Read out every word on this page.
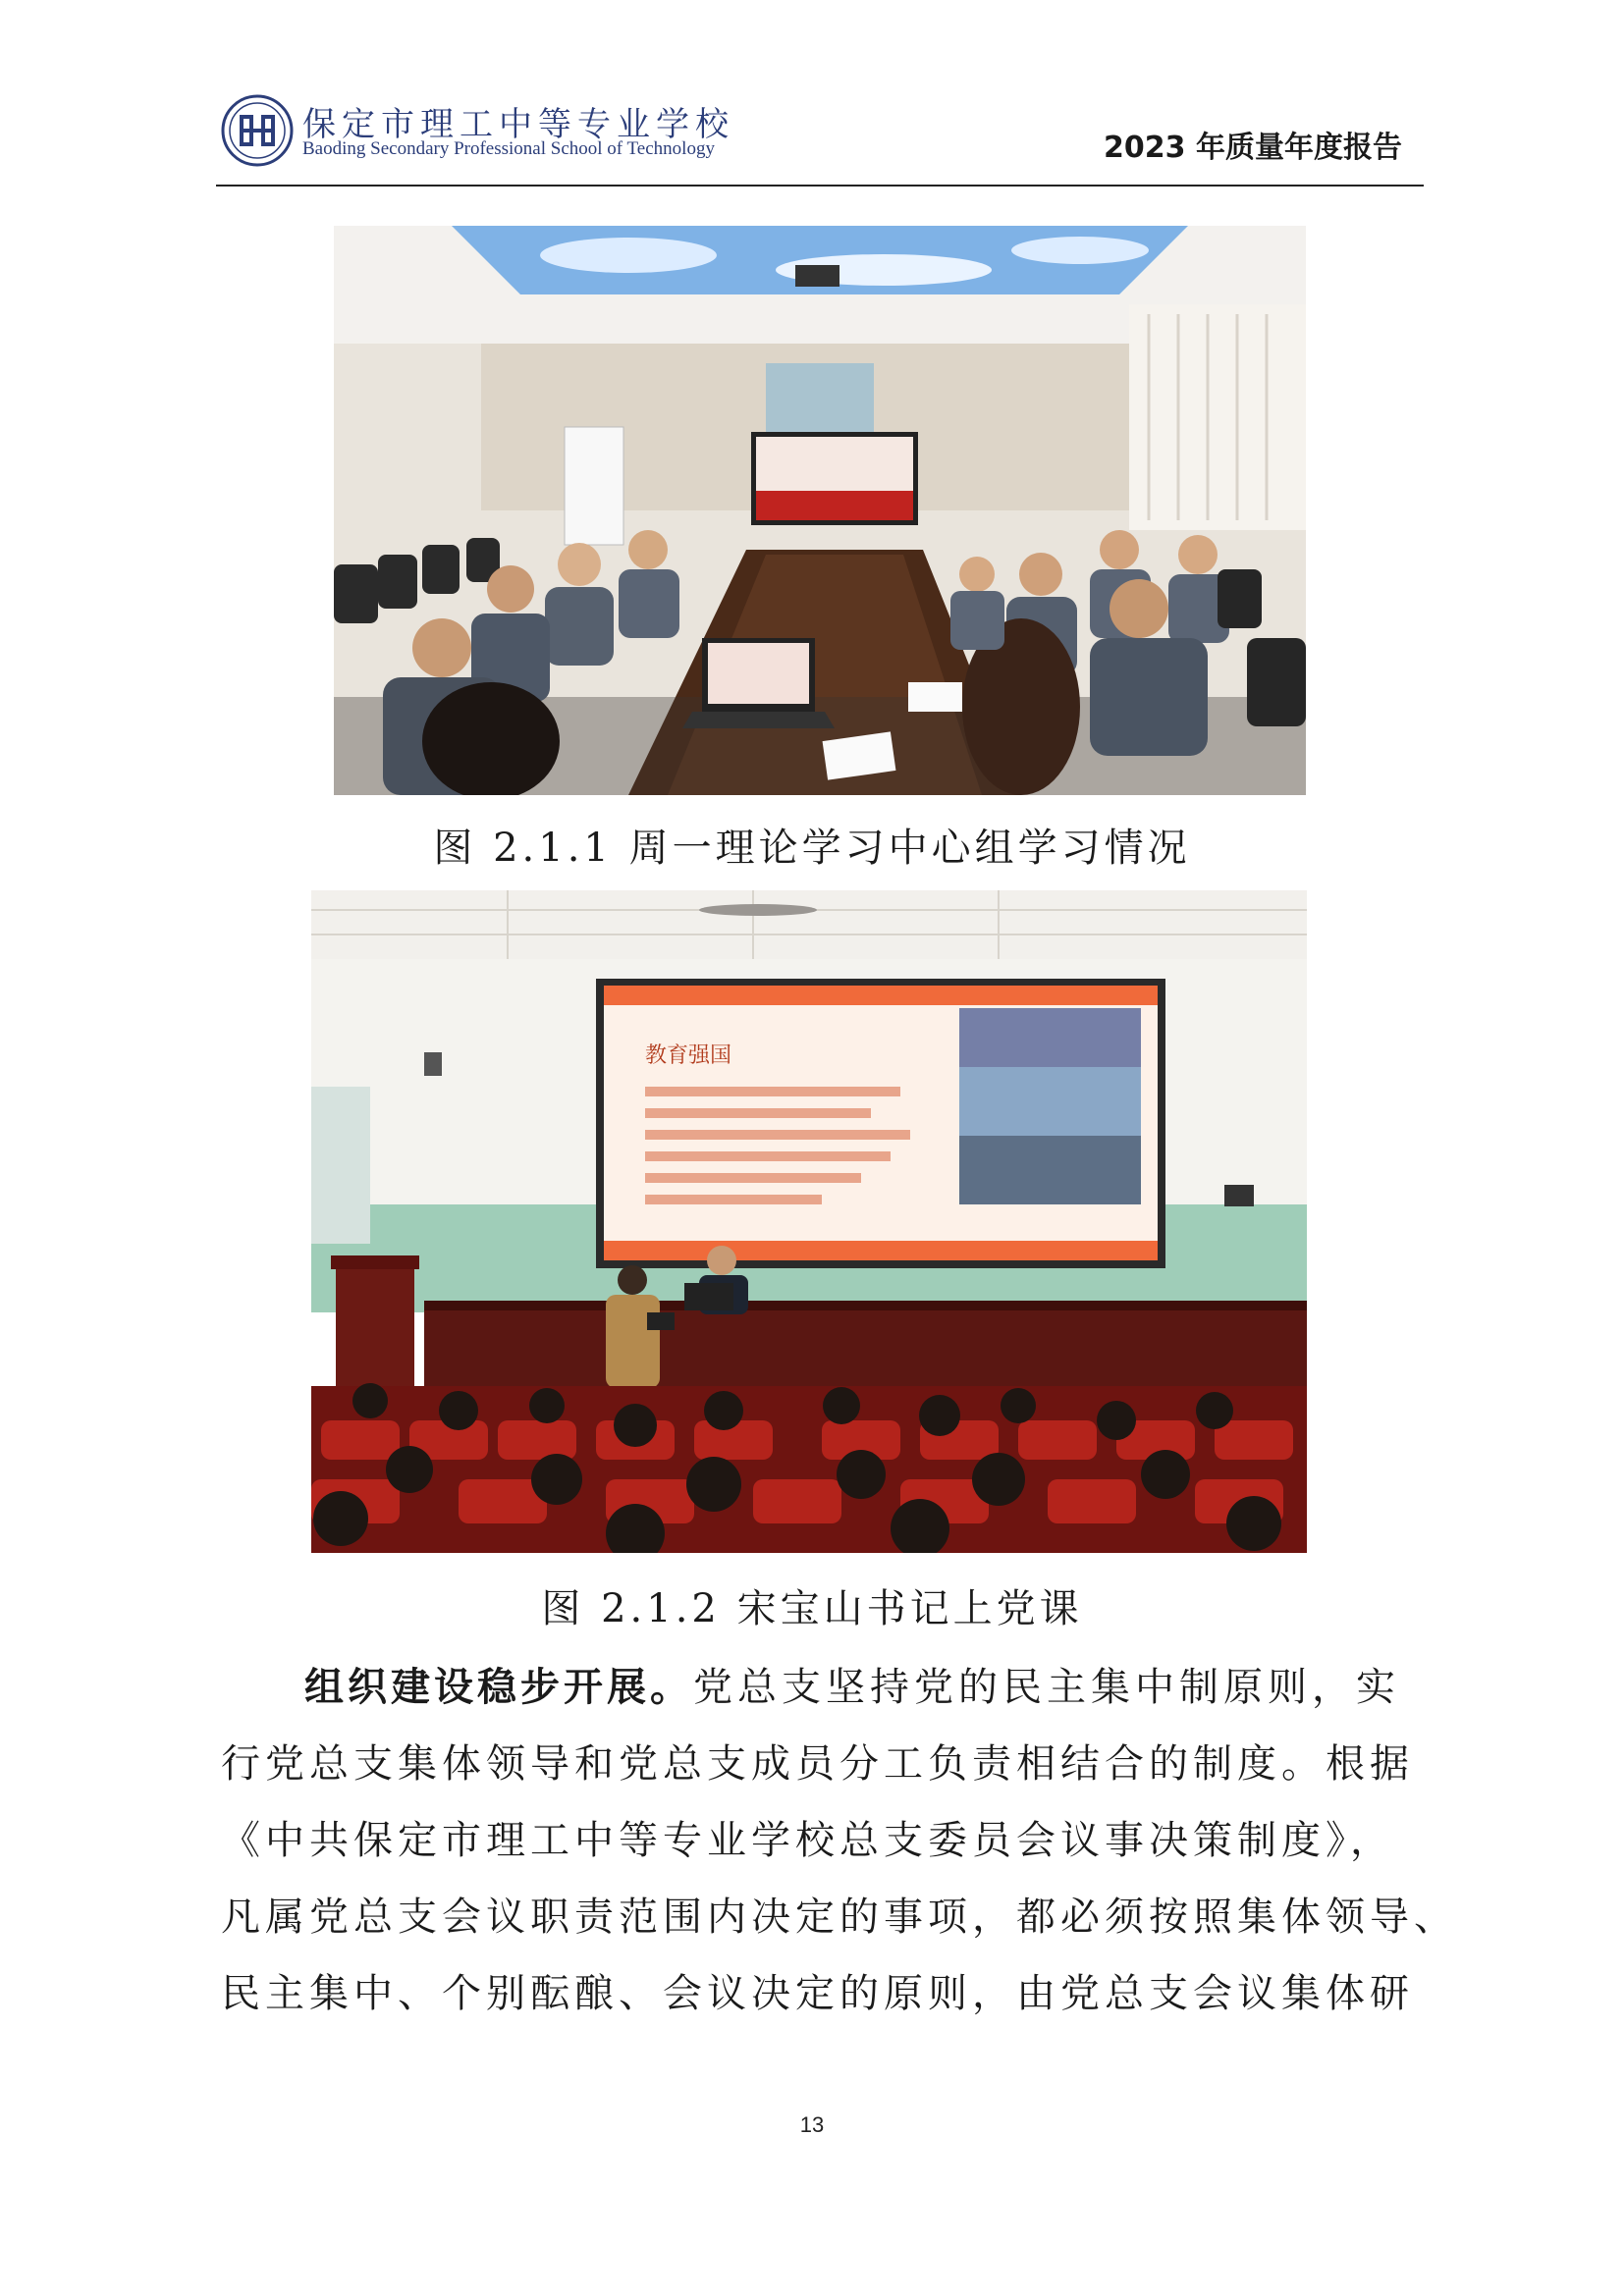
保定市理工中等专业学校
Baoding Secondary Professional School of Technology	2023 年质量年度报告
图 2.1.1 周一理论学习中心组学习情况
教育强国
图 2.1.2 宋宝山书记上党课
组织建设稳步开展。党总支坚持党的民主集中制原则，实
行党总支集体领导和党总支成员分工负责相结合的制度。根据
《中共保定市理工中等专业学校总支委员会议事决策制度》，
凡属党总支会议职责范围内决定的事项，都必须按照集体领导、
民主集中、个别酝酿、会议决定的原则，由党总支会议集体研
13
